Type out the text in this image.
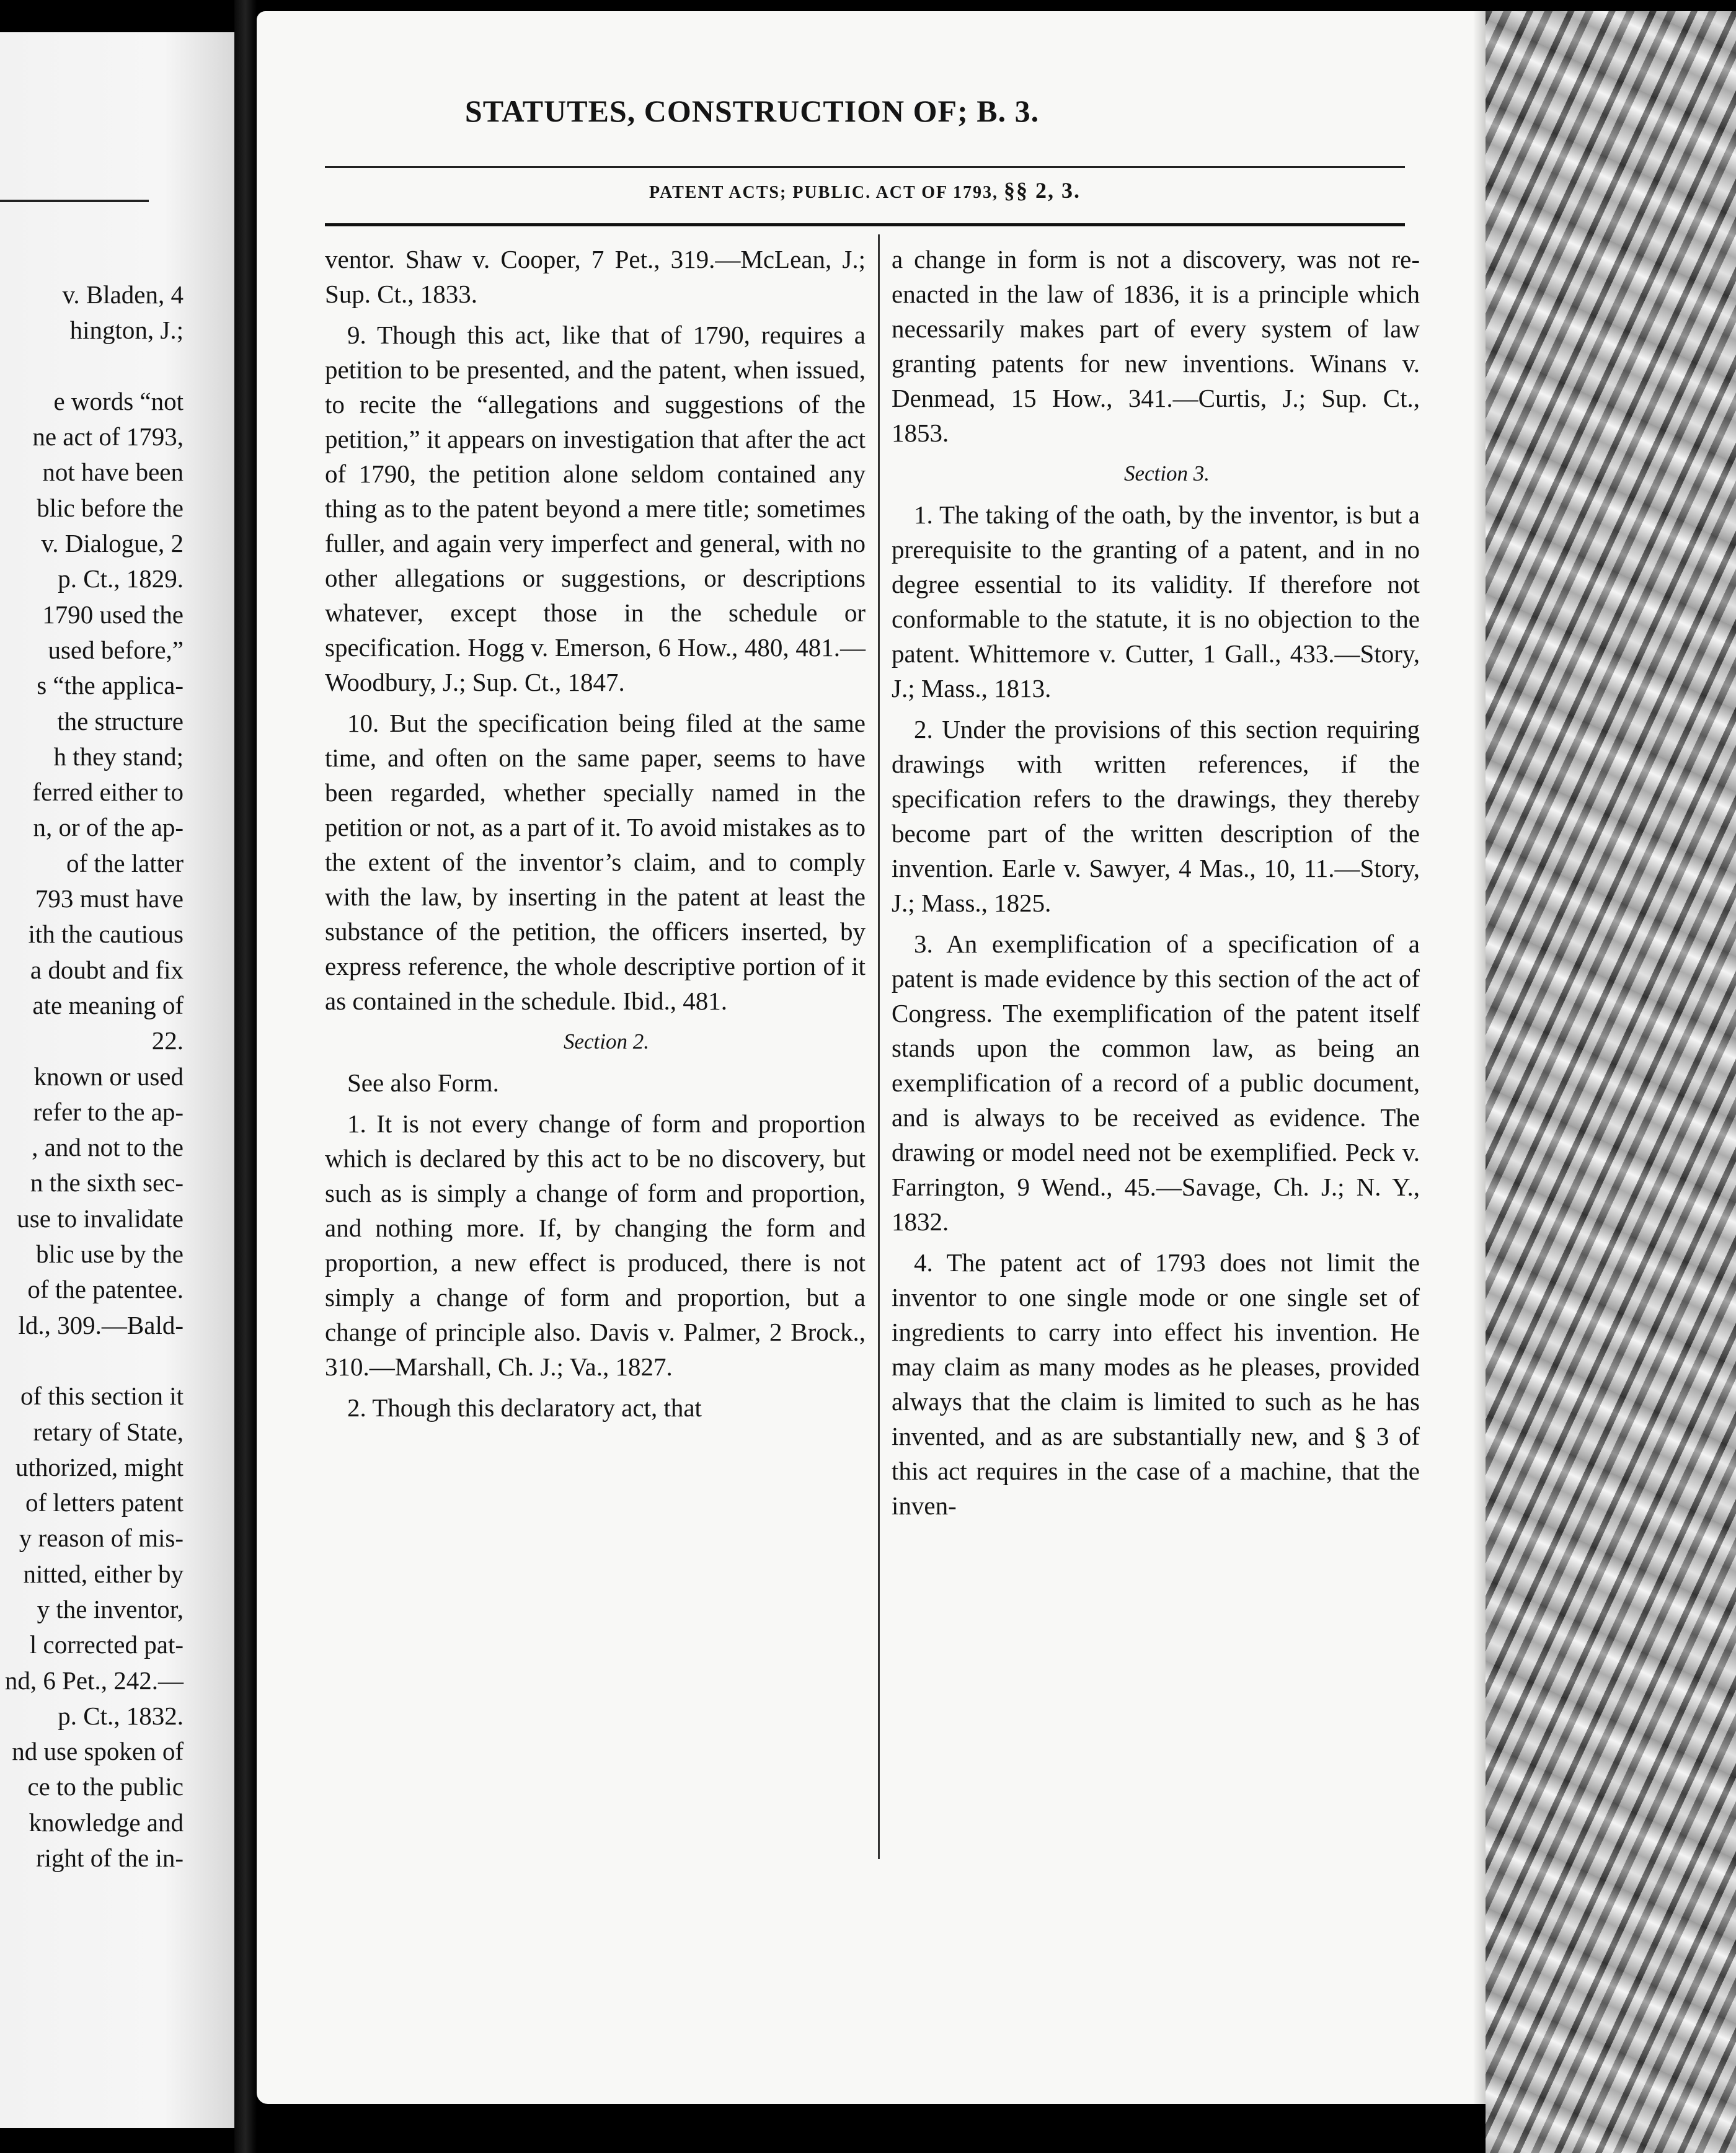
v. Bladen, 4
hington, J.;
e words “not
ne act of 1793,
not have been
blic before the
v. Dialogue, 2
p. Ct., 1829.
1790 used the
used before,”
s “the applica-
the structure
h they stand;
ferred either to
n, or of the ap-
of the latter
793 must have
ith the cautious
a doubt and fix
ate meaning of
22.
known or used
refer to the ap-
, and not to the
n the sixth sec-
use to invalidate
blic use by the
of the patentee.
ld., 309.—Bald-
of this section it
retary of State,
uthorized, might
of letters patent
y reason of mis-
nitted, either by
y the inventor,
l corrected pat-
nd, 6 Pet., 242.—
p. Ct., 1832.
nd use spoken of
ce to the public
knowledge and
right of the in-
STATUTES, CONSTRUCTION OF; B. 3.
PATENT ACTS; PUBLIC. ACT OF 1793, §§ 2, 3.

ventor. Shaw v. Cooper, 7 Pet., 319.—McLean, J.; Sup. Ct., 1833.

9. Though this act, like that of 1790, requires a petition to be presented, and the patent, when issued, to recite the “allegations and suggestions of the petition,” it appears on investigation that after the act of 1790, the petition alone seldom contained any thing as to the patent beyond a mere title; sometimes fuller, and again very imperfect and general, with no other allegations or suggestions, or descriptions whatever, except those in the schedule or specification. Hogg v. Emerson, 6 How., 480, 481.—Woodbury, J.; Sup. Ct., 1847.

10. But the specification being filed at the same time, and often on the same paper, seems to have been regarded, whether specially named in the petition or not, as a part of it. To avoid mistakes as to the extent of the inventor’s claim, and to comply with the law, by inserting in the patent at least the substance of the petition, the officers inserted, by express reference, the whole descriptive portion of it as contained in the schedule. Ibid., 481.

Section 2.

See also Form.

1. It is not every change of form and proportion which is declared by this act to be no discovery, but such as is simply a change of form and proportion, and nothing more. If, by changing the form and proportion, a new effect is produced, there is not simply a change of form and proportion, but a change of principle also. Davis v. Palmer, 2 Brock., 310.—Marshall, Ch. J.; Va., 1827.

2. Though this declaratory act, that

a change in form is not a discovery, was not re-enacted in the law of 1836, it is a principle which necessarily makes part of every system of law granting patents for new inventions. Winans v. Denmead, 15 How., 341.—Curtis, J.; Sup. Ct., 1853.

Section 3.

1. The taking of the oath, by the inventor, is but a prerequisite to the granting of a patent, and in no degree essential to its validity. If therefore not conformable to the statute, it is no objection to the patent. Whittemore v. Cutter, 1 Gall., 433.—Story, J.; Mass., 1813.

2. Under the provisions of this section requiring drawings with written references, if the specification refers to the drawings, they thereby become part of the written description of the invention. Earle v. Sawyer, 4 Mas., 10, 11.—Story, J.; Mass., 1825.

3. An exemplification of a specification of a patent is made evidence by this section of the act of Congress. The exemplification of the patent itself stands upon the common law, as being an exemplification of a record of a public document, and is always to be received as evidence. The drawing or model need not be exemplified. Peck v. Farrington, 9 Wend., 45.—Savage, Ch. J.; N. Y., 1832.

4. The patent act of 1793 does not limit the inventor to one single mode or one single set of ingredients to carry into effect his invention. He may claim as many modes as he pleases, provided always that the claim is limited to such as he has invented, and as are substantially new, and § 3 of this act requires in the case of a machine, that the inven-
